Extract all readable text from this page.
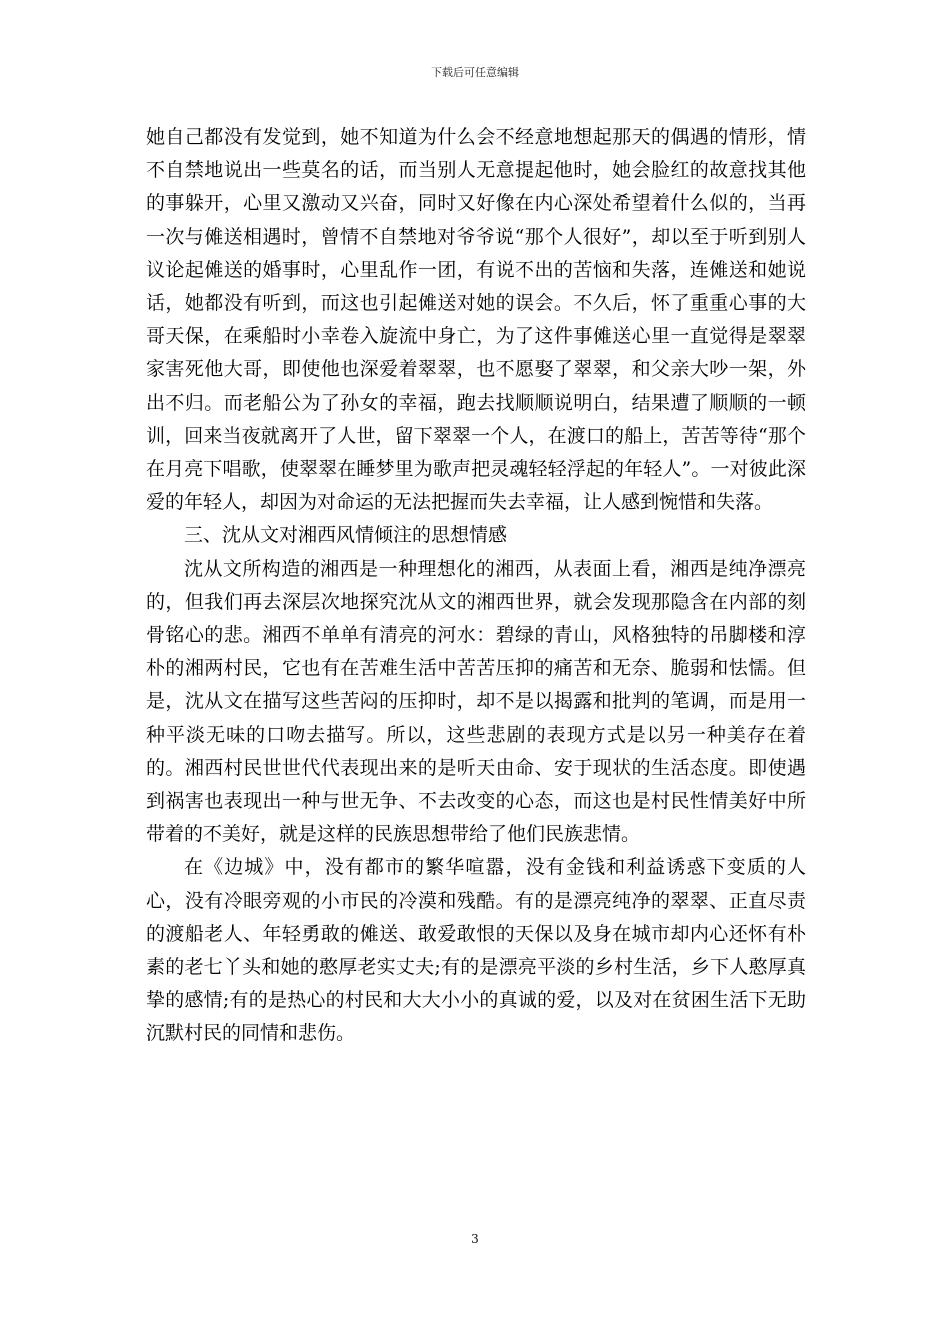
下载后可任意编辑

她自己都没有发觉到，她不知道为什么会不经意地想起那天的偶遇的情形，情不自禁地说出一些莫名的话，而当别人无意提起他时，她会脸红的故意找其他的事躲开，心里又激动又兴奋，同时又好像在内心深处希望着什么似的，当再一次与傩送相遇时，曾情不自禁地对爷爷说“那个人很好”，却以至于听到别人议论起傩送的婚事时，心里乱作一团，有说不出的苦恼和失落，连傩送和她说话，她都没有听到，而这也引起傩送对她的误会。不久后，怀了重重心事的大哥天保，在乘船时小幸卷入旋流中身亡，为了这件事傩送心里一直觉得是翠翠家害死他大哥，即使他也深爱着翠翠，也不愿娶了翠翠，和父亲大吵一架，外出不归。而老船公为了孙女的幸福，跑去找顺顺说明白，结果遭了顺顺的一顿训，回来当夜就离开了人世，留下翠翠一个人，在渡口的船上，苦苦等待“那个在月亮下唱歌，使翠翠在睡梦里为歌声把灵魂轻轻浮起的年轻人”。一对彼此深爱的年轻人，却因为对命运的无法把握而失去幸福，让人感到惋惜和失落。

三、沈从文对湘西风情倾注的思想情感

沈从文所构造的湘西是一种理想化的湘西，从表面上看，湘西是纯净漂亮的，但我们再去深层次地探究沈从文的湘西世界，就会发现那隐含在内部的刻骨铭心的悲。湘西不单单有清亮的河水：碧绿的青山，风格独特的吊脚楼和淳朴的湘两村民，它也有在苦难生活中苦苦压抑的痛苦和无奈、脆弱和怯懦。但是，沈从文在描写这些苦闷的压抑时，却不是以揭露和批判的笔调，而是用一种平淡无味的口吻去描写。所以，这些悲剧的表现方式是以另一种美存在着的。湘西村民世世代代表现出来的是听天由命、安于现状的生活态度。即使遇到祸害也表现出一种与世无争、不去改变的心态，而这也是村民性情美好中所带着的不美好，就是这样的民族思想带给了他们民族悲情。

在《边城》中，没有都市的繁华喧嚣，没有金钱和利益诱惑下变质的人心，没有冷眼旁观的小市民的冷漠和残酷。有的是漂亮纯净的翠翠、正直尽责的渡船老人、年轻勇敢的傩送、敢爱敢恨的天保以及身在城市却内心还怀有朴素的老七丫头和她的憨厚老实丈夫;有的是漂亮平淡的乡村生活，乡下人憨厚真挚的感情;有的是热心的村民和大大小小的真诚的爱，以及对在贫困生活下无助沉默村民的同情和悲伤。

3
